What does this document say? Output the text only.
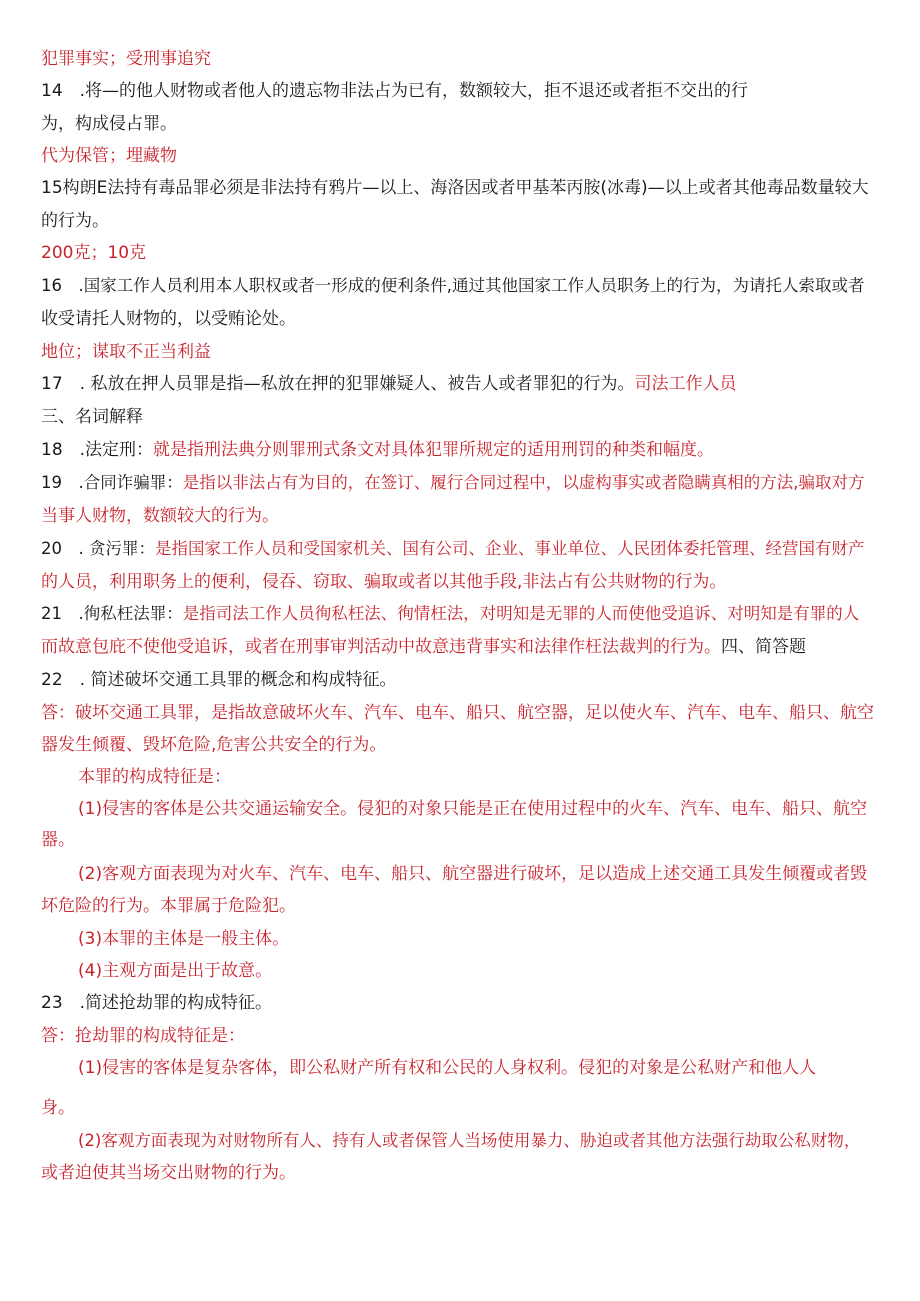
犯罪事实；受刑事追究
14　.将—的他人财物或者他人的遗忘物非法占为已有，数额较大，拒不退还或者拒不交出的行
为，构成侵占罪。
代为保管；埋藏物
15构朗E法持有毒品罪必须是非法持有鸦片—以上、海洛因或者甲基苯丙胺(冰毒)—以上或者其他毒品数量较大
的行为。
200克；10克
16　.国家工作人员利用本人职权或者一形成的便利条件,通过其他国家工作人员职务上的行为，为请托人索取或者
收受请托人财物的，以受贿论处。
地位；谋取不正当利益
17　. 私放在押人员罪是指—私放在押的犯罪嫌疑人、被告人或者罪犯的行为。司法工作人员
三、名词解释
18　.法定刑：就是指刑法典分则罪刑式条文对具体犯罪所规定的适用刑罚的种类和幅度。
19　.合同诈骗罪：是指以非法占有为目的，在签订、履行合同过程中，以虚构事实或者隐瞒真相的方法,骗取对方
当事人财物，数额较大的行为。
20　. 贪污罪：是指国家工作人员和受国家机关、国有公司、企业、事业单位、人民团体委托管理、经营国有财产
的人员，利用职务上的便利，侵吞、窃取、骗取或者以其他手段,非法占有公共财物的行为。
21　.徇私枉法罪：是指司法工作人员徇私枉法、徇情枉法，对明知是无罪的人而使他受追诉、对明知是有罪的人
而故意包庇不使他受追诉，或者在刑事审判活动中故意违背事实和法律作枉法裁判的行为。四、简答题
22　. 简述破坏交通工具罪的概念和构成特征。
答：破坏交通工具罪，是指故意破坏火车、汽车、电车、船只、航空器，足以使火车、汽车、电车、船只、航空
器发生倾覆、毁坏危险,危害公共安全的行为。
本罪的构成特征是：
(1)侵害的客体是公共交通运输安全。侵犯的对象只能是正在使用过程中的火车、汽车、电车、船只、航空
器。
(2)客观方面表现为对火车、汽车、电车、船只、航空器进行破坏，足以造成上述交通工具发生倾覆或者毁
坏危险的行为。本罪属于危险犯。
(3)本罪的主体是一般主体。
(4)主观方面是出于故意。
23　.简述抢劫罪的构成特征。
答：抢劫罪的构成特征是：
(1)侵害的客体是复杂客体，即公私财产所有权和公民的人身权利。侵犯的对象是公私财产和他人人
身。
(2)客观方面表现为对财物所有人、持有人或者保管人当场使用暴力、胁迫或者其他方法强行劫取公私财物，
或者迫使其当场交出财物的行为。
